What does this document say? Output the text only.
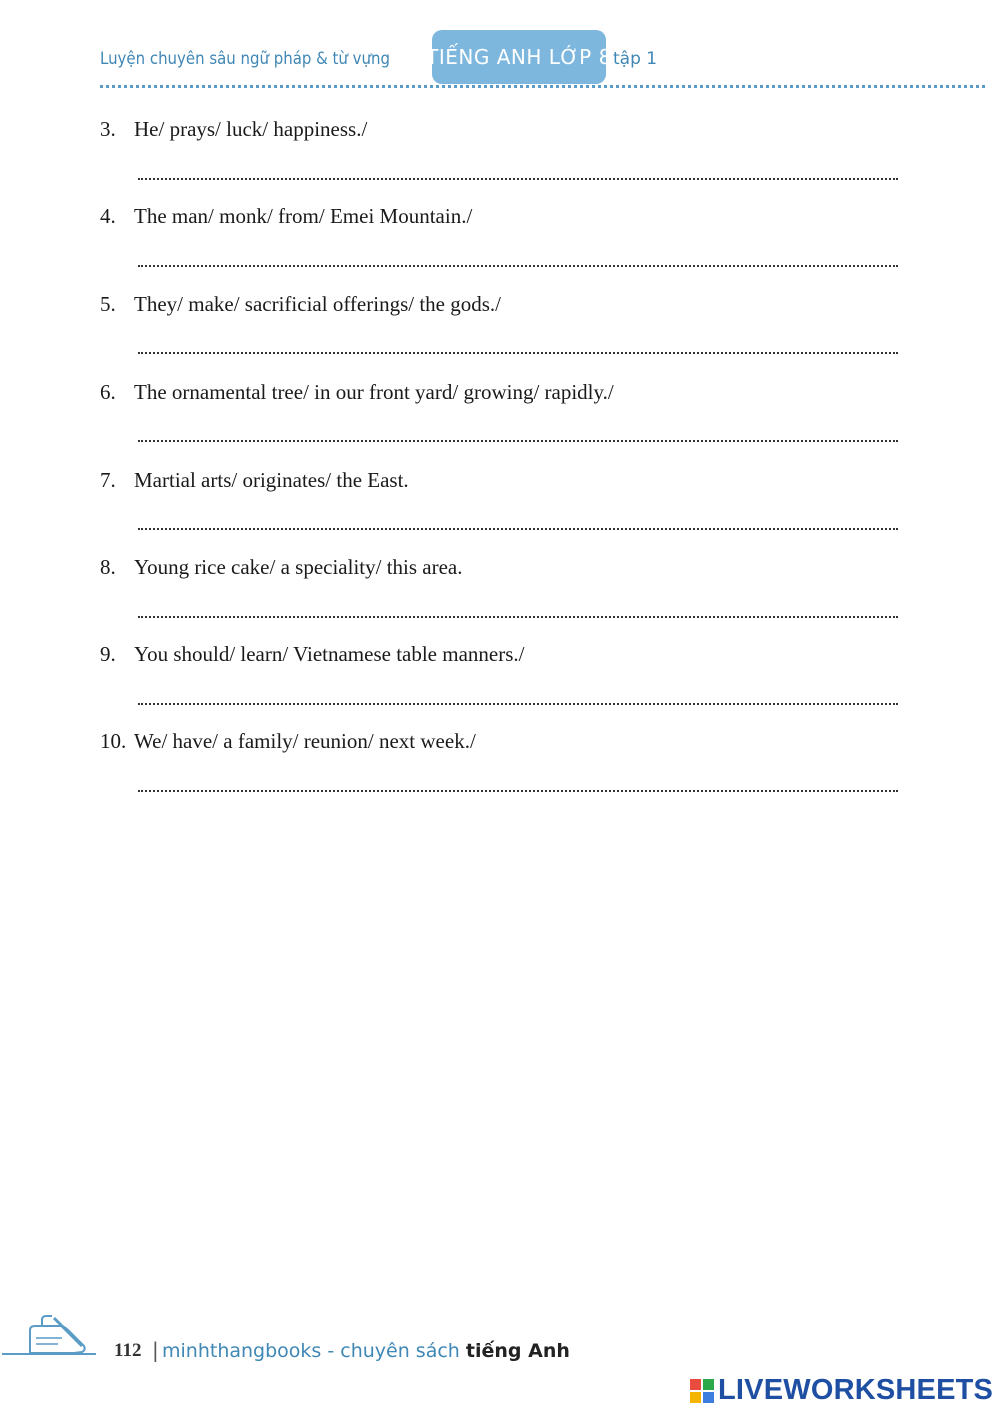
Luyện chuyên sâu ngữ pháp & từ vựng TIẾNG ANH LỚP 8 tập 1
3. He/ prays/ luck/ happiness./
4. The man/ monk/ from/ Emei Mountain./
5. They/ make/ sacrificial offerings/ the gods./
6. The ornamental tree/ in our front yard/ growing/ rapidly./
7. Martial arts/ originates/ the East.
8. Young rice cake/ a speciality/ this area.
9. You should/ learn/ Vietnamese table manners./
10. We/ have/ a family/ reunion/ next week./
112 | minhthangbooks - chuyên sách tiếng Anh
LIVEWORKSHEETS
